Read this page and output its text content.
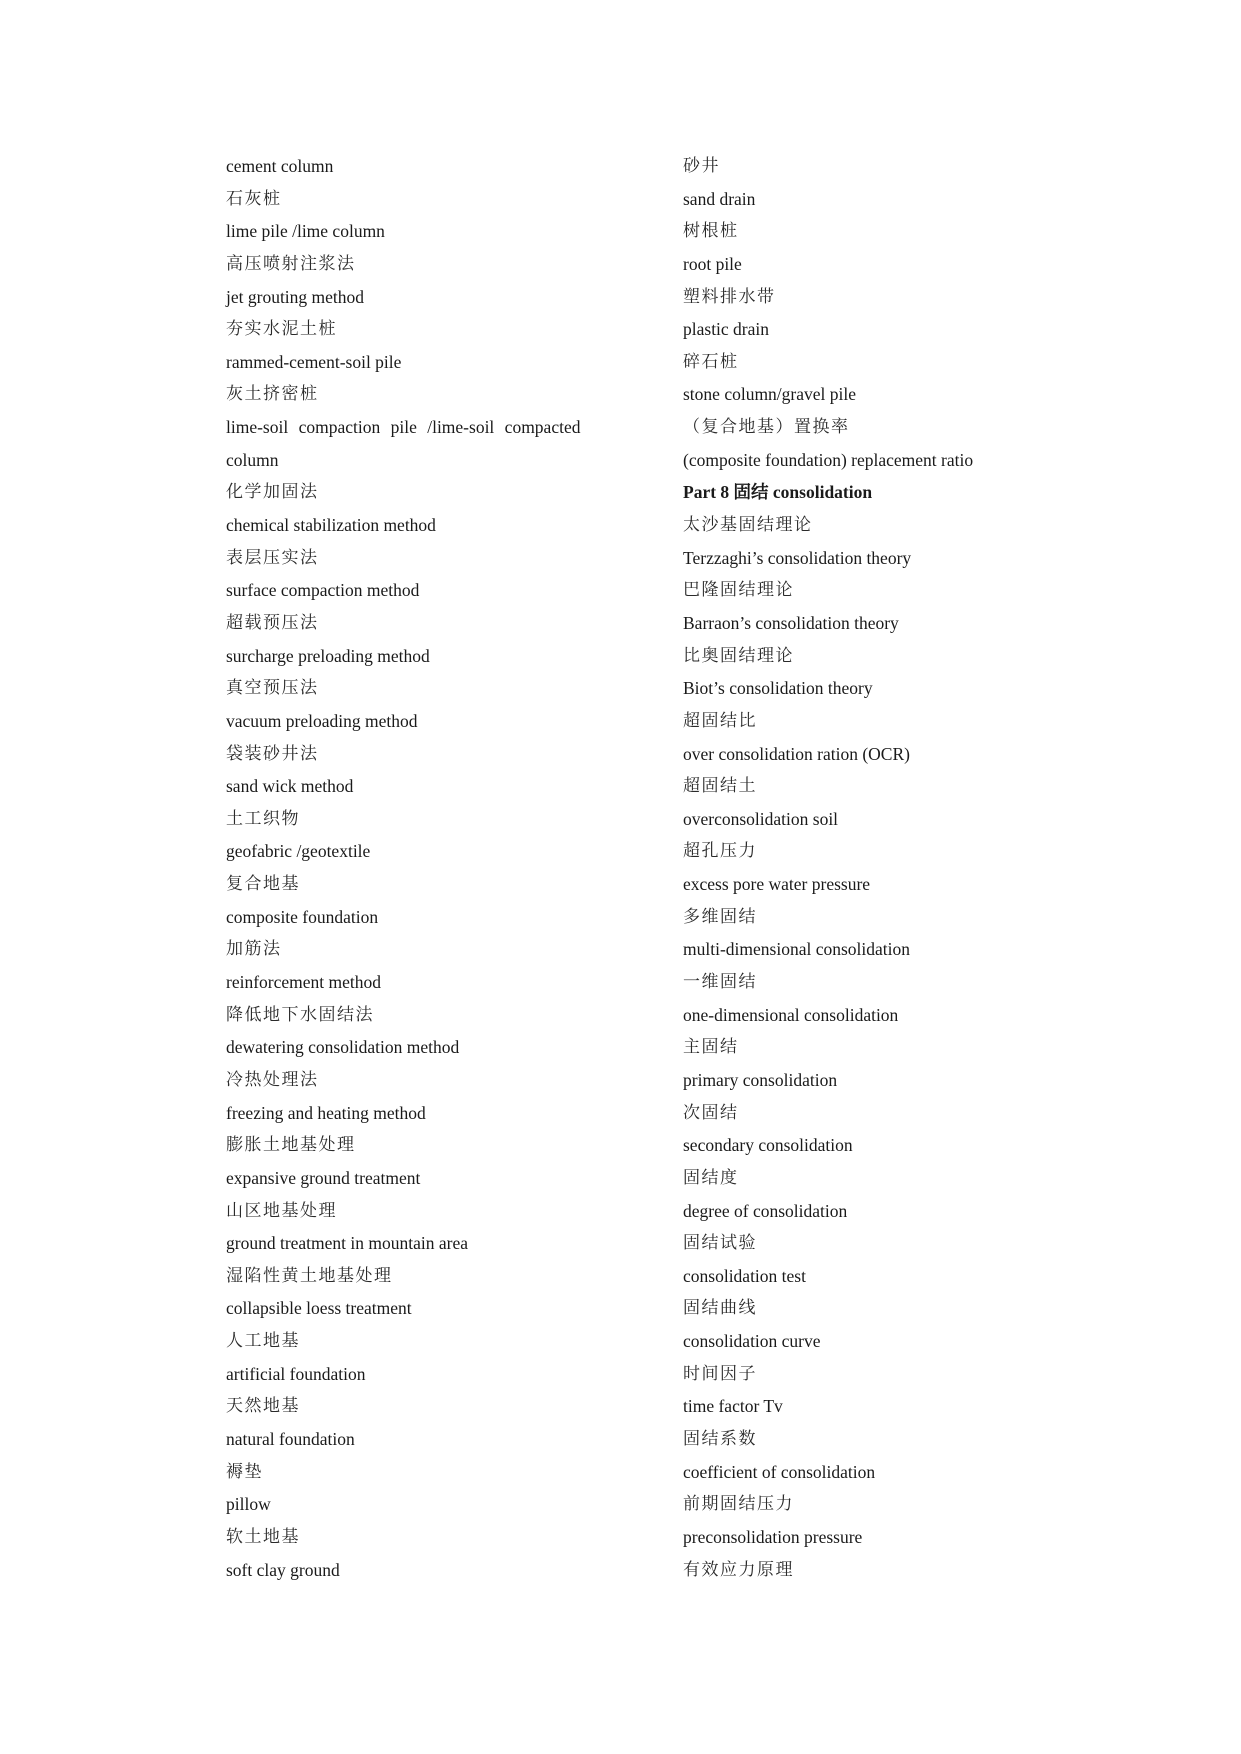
cement column
石灰桩
lime pile /lime column
高压喷射注浆法
jet grouting method
夯实水泥土桩
rammed-cement-soil pile
灰土挤密桩
lime-soil compaction pile /lime-soil compacted
column
化学加固法
chemical stabilization method
表层压实法
surface compaction method
超载预压法
surcharge preloading method
真空预压法
vacuum preloading method
袋装砂井法
sand wick method
土工织物
geofabric /geotextile
复合地基
composite foundation
加筋法
reinforcement method
降低地下水固结法
dewatering consolidation method
冷热处理法
freezing and heating method
膨胀土地基处理
expansive ground treatment
山区地基处理
ground treatment in mountain area
湿陷性黄土地基处理
collapsible loess treatment
人工地基
artificial foundation
天然地基
natural foundation
褥垫
pillow
软土地基
soft clay ground
砂井
sand drain
树根桩
root pile
塑料排水带
plastic drain
碎石桩
stone column/gravel pile
（复合地基）置换率
(composite foundation) replacement ratio
Part 8 固结 consolidation
太沙基固结理论
Terzzaghi’s consolidation theory
巴隆固结理论
Barraon’s consolidation theory
比奥固结理论
Biot’s consolidation theory
超固结比
over consolidation ration (OCR)
超固结土
overconsolidation soil
超孔压力
excess pore water pressure
多维固结
multi-dimensional consolidation
一维固结
one-dimensional consolidation
主固结
primary consolidation
次固结
secondary consolidation
固结度
degree of consolidation
固结试验
consolidation test
固结曲线
consolidation curve
时间因子
time factor Tv
固结系数
coefficient of consolidation
前期固结压力
preconsolidation pressure
有效应力原理
